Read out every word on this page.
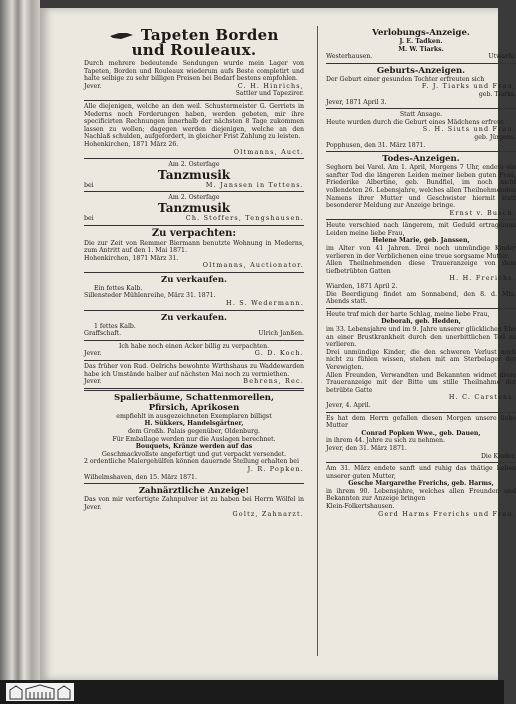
Tapeten Borden
und Rouleaux.
Durch mehrere bedeutende Sendungen wurde mein Lager von Tapeten, Borden und Rouleaux wiederum aufs Beste completirt und halte selbige zu sehr billigen Preisen bei Bedarf bestens empfohlen.
Jever.	C. H. Hinrichs,
Sattler und Tapezirer.
Alle diejenigen, welche an den weil. Schustermeister G. Gerriets in Mederns noch Forderungen haben, werden gebeten, mir ihre specificirten Rechnungen innerhalb der nächsten 8 Tage zukommen lassen zu wollen; dagegen werden diejenigen, welche an den Nachlaß schulden, aufgefordert, in gleicher Frist Zahlung zu leisten.
Hohenkirchen, 1871 März 26.
Oltmanns, Auct.
Am 2. Osterfage
Tanzmusik
bei	M. Janssen in Tettens.
Am 2. Osterfage
Tanzmusik
bei	Ch. Stoffers, Tengshausen.
Zu verpachten:
Die zur Zeit von Remmer Biermann benutzte Wohnung in Mederns, zum Antritt auf den 1. Mai 1871.
Hohenkirchen, 1871 März 31.
Oltmanns, Auctionator.
Zu verkaufen.
Ein fettes Kalb.
Sillensteder Mühlenreihe, März 31. 1871.
H. S. Wedermann.
Zu verkaufen.
1 fettes Kalb.
Graffschaft.	Ulrich Janßen.
Ich habe noch einen Acker billig zu verpachten.
Jever.	G. D. Koch.
Das früher von Rud. Oelrichs bewohnte Wirthshaus zu Waddewarden habe ich Umstände halber auf nächsten Mai noch zu vermiethen.
Jever.	Behrens, Rec.
Spalierbäume, Schattenmorellen,
Pfirsich, Aprikosen
empfiehlt in ausgezeichneten Exemplaren billigst
H. Sükkers, Handelsgärtner,
dem Großh. Palais gegenüber, Oldenburg.
Für Emballage werden nur die Auslagen berechnet.
Bouquets, Kränze werden auf das
Geschmackvollste angefertigt und gut verpackt versendet.
2 ordentliche Malergehülfen können dauernde Stellung erhalten bei
J. R. Popken.
Wilhelmshaven, den 15. März 1871.
Zahnärztliche Anzeige!
Das von mir verfertigte Zahnpulver ist zu haben bei Herrn Wölfel in Jever.
Goltz, Zahnarzt.
Verlobungs-Anzeige.
J. E. Tadken.
M. W. Tiarks.
Westerhausen.	Utwarfe.
Geburts-Anzeigen.
Der Geburt einer gesunden Tochter erfreuten sich
F. J. Tiarks und Frau,
geb. Tiarks.
Jever, 1871 April 3.
Statt Ansage.
Heute wurden durch die Geburt eines Mädchens erfreut
S. H. Siuts und Frau,
geb. Jürgens.
Popphusen, den 31. März 1871.
Todes-Anzeigen.
Seghorn bei Varel. Am 1. April, Morgens 7 Uhr, endete ein sanfter Tod die längeren Leiden meiner lieben guten Frau, Friederike Albertine, geb. Bundfiel, im noch nicht vollendeten 26. Lebensjahre, welches allen Theilnehmenden Namens ihrer Mutter und Geschwister hiermit statt besonderer Meldung zur Anzeige bringe.
Ernst v. Busch.
Heute verschied nach längerem, mit Geduld ertragenem Leiden meine liebe Frau,
Helene Marie, geb. Janssen,
im Alter von 41 Jahren. Drei noch unmündige Kinder verlieren in der Verblichenen eine treue sorgsame Mutter.
Allen Theilnehmenden diese Traueranzeige von dem tiefbetrübten Gatten
H. H. Frerichs.
Wiarden, 1871 April 2.
Die Beerdigung findet am Sonnabend, den 8. d. Mts. Abends statt.
Heute traf mich der harte Schlag, meine liebe Frau,
Deborah, geb. Hedden,
im 33. Lebensjahre und im 9. Jahre unserer glücklichen Ehe an einer Brustkrankheit durch den unerbittlichen Tod zu verlieren.
Drei unmündige Kinder, die den schweren Verlust noch nicht zu fühlen wissen, stehen mit am Sterbelager der Verewigten.
Allen Freunden, Verwandten und Bekannten widmet diese Traueranzeige mit der Bitte um stille Theilnahme der betrübte Gatte
H. C. Carstens.
Jever, 4. April.
Es hat dem Herrn gefallen diesen Morgen unsere liebe Mutter
Conrad Popken Wwe., geb. Dauen,
in ihrem 44. Jahre zu sich zu nehmen.
Jever, den 31. März 1871.
Die Kinder.
Am 31. März endete sanft und ruhig das thätige Leben unserer guten Mutter,
Gesche Margarethe Frerichs, geb. Harms,
in ihrem 90. Lebensjahre, welches allen Freunden und Bekannten zur Anzeige bringen
Klein-Folkertshausen.
Gerd Harms Frerichs und Frau.
